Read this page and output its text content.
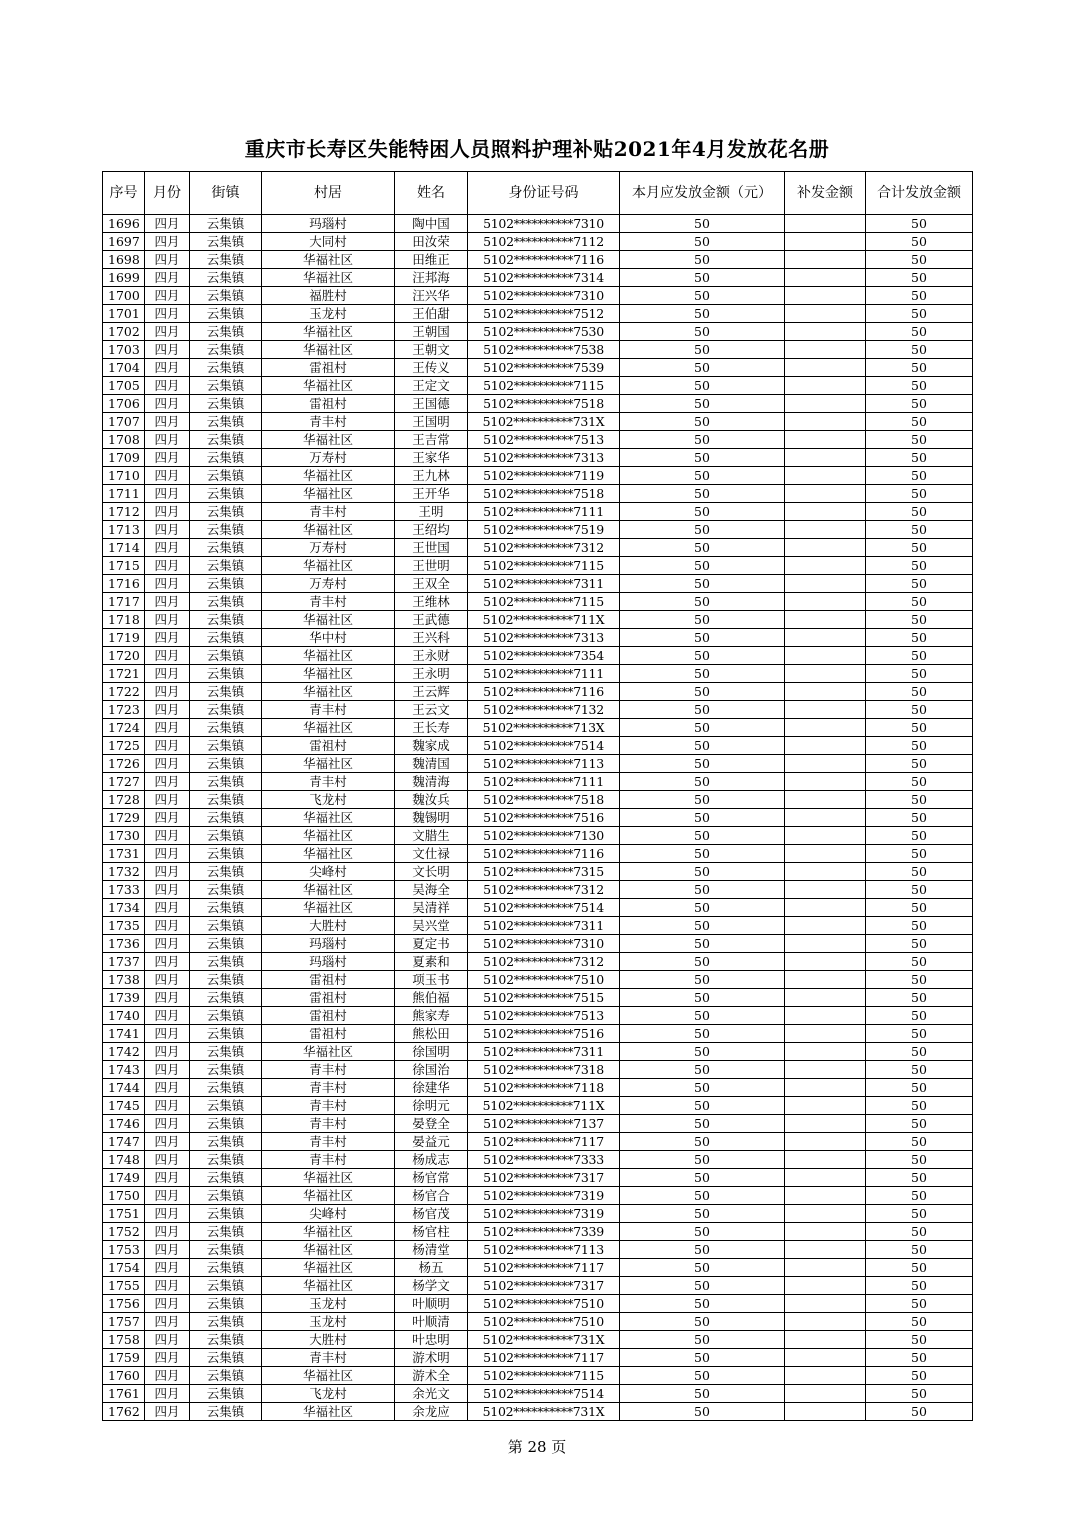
重庆市长寿区失能特困人员照料护理补贴2021年4月发放花名册
序号	月份	街镇	村居	姓名	身份证号码	本月应发放金额（元）	补发金额	合计发放金额
1696	四月	云集镇	玛瑙村	陶中国	5102**********7310	50		50
1697	四月	云集镇	大同村	田汝荣	5102**********7112	50		50
1698	四月	云集镇	华福社区	田维正	5102**********7116	50		50
1699	四月	云集镇	华福社区	汪邦海	5102**********7314	50		50
1700	四月	云集镇	福胜村	汪兴华	5102**********7310	50		50
1701	四月	云集镇	玉龙村	王伯甜	5102**********7512	50		50
1702	四月	云集镇	华福社区	王朝国	5102**********7530	50		50
1703	四月	云集镇	华福社区	王朝文	5102**********7538	50		50
1704	四月	云集镇	雷祖村	王传义	5102**********7539	50		50
1705	四月	云集镇	华福社区	王定文	5102**********7115	50		50
1706	四月	云集镇	雷祖村	王国德	5102**********7518	50		50
1707	四月	云集镇	青丰村	王国明	5102**********731X	50		50
1708	四月	云集镇	华福社区	王吉常	5102**********7513	50		50
1709	四月	云集镇	万寿村	王家华	5102**********7313	50		50
1710	四月	云集镇	华福社区	王九林	5102**********7119	50		50
1711	四月	云集镇	华福社区	王开华	5102**********7518	50		50
1712	四月	云集镇	青丰村	王明	5102**********7111	50		50
1713	四月	云集镇	华福社区	王绍均	5102**********7519	50		50
1714	四月	云集镇	万寿村	王世国	5102**********7312	50		50
1715	四月	云集镇	华福社区	王世明	5102**********7115	50		50
1716	四月	云集镇	万寿村	王双全	5102**********7311	50		50
1717	四月	云集镇	青丰村	王维林	5102**********7115	50		50
1718	四月	云集镇	华福社区	王武德	5102**********711X	50		50
1719	四月	云集镇	华中村	王兴科	5102**********7313	50		50
1720	四月	云集镇	华福社区	王永财	5102**********7354	50		50
1721	四月	云集镇	华福社区	王永明	5102**********7111	50		50
1722	四月	云集镇	华福社区	王云辉	5102**********7116	50		50
1723	四月	云集镇	青丰村	王云文	5102**********7132	50		50
1724	四月	云集镇	华福社区	王长寿	5102**********713X	50		50
1725	四月	云集镇	雷祖村	魏家成	5102**********7514	50		50
1726	四月	云集镇	华福社区	魏清国	5102**********7113	50		50
1727	四月	云集镇	青丰村	魏清海	5102**********7111	50		50
1728	四月	云集镇	飞龙村	魏汝兵	5102**********7518	50		50
1729	四月	云集镇	华福社区	魏锡明	5102**********7516	50		50
1730	四月	云集镇	华福社区	文腊生	5102**********7130	50		50
1731	四月	云集镇	华福社区	文仕禄	5102**********7116	50		50
1732	四月	云集镇	尖峰村	文长明	5102**********7315	50		50
1733	四月	云集镇	华福社区	吴海全	5102**********7312	50		50
1734	四月	云集镇	华福社区	吴清祥	5102**********7514	50		50
1735	四月	云集镇	大胜村	吴兴堂	5102**********7311	50		50
1736	四月	云集镇	玛瑙村	夏定书	5102**********7310	50		50
1737	四月	云集镇	玛瑙村	夏素和	5102**********7312	50		50
1738	四月	云集镇	雷祖村	项玉书	5102**********7510	50		50
1739	四月	云集镇	雷祖村	熊伯福	5102**********7515	50		50
1740	四月	云集镇	雷祖村	熊家寿	5102**********7513	50		50
1741	四月	云集镇	雷祖村	熊松田	5102**********7516	50		50
1742	四月	云集镇	华福社区	徐国明	5102**********7311	50		50
1743	四月	云集镇	青丰村	徐国治	5102**********7318	50		50
1744	四月	云集镇	青丰村	徐建华	5102**********7118	50		50
1745	四月	云集镇	青丰村	徐明元	5102**********711X	50		50
1746	四月	云集镇	青丰村	晏登全	5102**********7137	50		50
1747	四月	云集镇	青丰村	晏益元	5102**********7117	50		50
1748	四月	云集镇	青丰村	杨成志	5102**********7333	50		50
1749	四月	云集镇	华福社区	杨官常	5102**********7317	50		50
1750	四月	云集镇	华福社区	杨官合	5102**********7319	50		50
1751	四月	云集镇	尖峰村	杨官茂	5102**********7319	50		50
1752	四月	云集镇	华福社区	杨官柱	5102**********7339	50		50
1753	四月	云集镇	华福社区	杨清堂	5102**********7113	50		50
1754	四月	云集镇	华福社区	杨五	5102**********7117	50		50
1755	四月	云集镇	华福社区	杨学文	5102**********7317	50		50
1756	四月	云集镇	玉龙村	叶顺明	5102**********7510	50		50
1757	四月	云集镇	玉龙村	叶顺清	5102**********7510	50		50
1758	四月	云集镇	大胜村	叶忠明	5102**********731X	50		50
1759	四月	云集镇	青丰村	游术明	5102**********7117	50		50
1760	四月	云集镇	华福社区	游术全	5102**********7115	50		50
1761	四月	云集镇	飞龙村	余光文	5102**********7514	50		50
1762	四月	云集镇	华福社区	余龙应	5102**********731X	50		50
第 28 页
